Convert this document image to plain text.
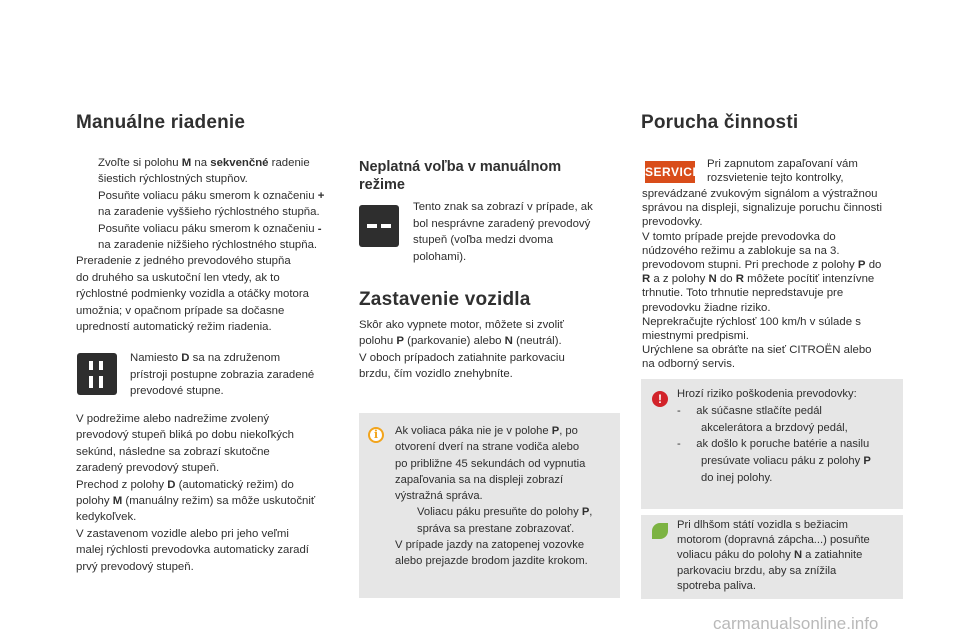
Manuálne riadenie
Zvoľte si polohu M na sekvenčné radenie
šiestich rýchlostných stupňov.
Posuňte voliacu páku smerom k označeniu +
na zaradenie vyššieho rýchlostného stupňa.
Posuňte voliacu páku smerom k označeniu -
na zaradenie nižšieho rýchlostného stupňa.
Preradenie z jedného prevodového stupňa
do druhého sa uskutoční len vtedy, ak to
rýchlostné podmienky vozidla a otáčky motora
umožnia; v opačnom prípade sa dočasne
upredností automatický režim riadenia.
Namiesto D sa na združenom
prístroji postupne zobrazia zaradené
prevodové stupne.
V podrežime alebo nadrežime zvolený
prevodový stupeň bliká po dobu niekoľkých
sekúnd, následne sa zobrazí skutočne
zaradený prevodový stupeň.
Prechod z polohy D (automatický režim) do
polohy M (manuálny režim) sa môže uskutočniť
kedykoľvek.
V zastavenom vozidle alebo pri jeho veľmi
malej rýchlosti prevodovka automaticky zaradí
prvý prevodový stupeň.
Neplatná voľba v manuálnom
režime
Tento znak sa zobrazí v prípade, ak
bol nesprávne zaradený prevodový
stupeň (voľba medzi dvoma
polohami).
Zastavenie vozidla
Skôr ako vypnete motor, môžete si zvoliť
polohu P (parkovanie) alebo N (neutrál).
V oboch prípadoch zatiahnite parkovaciu
brzdu, čím vozidlo znehybníte.
i	Ak voliaca páka nie je v polohe P, po
otvorení dverí na strane vodiča alebo
po približne 45 sekundách od vypnutia
zapaľovania sa na displeji zobrazí
výstražná správa.
Voliacu páku presuňte do polohy P,
správa sa prestane zobrazovať.
V prípade jazdy na zatopenej vozovke
alebo prejazde brodom jazdite krokom.
Porucha činnosti
SERVICE
Pri zapnutom zapaľovaní vám
rozsvietenie tejto kontrolky,
sprevádzané zvukovým signálom a výstražnou
správou na displeji, signalizuje poruchu činnosti
prevodovky.
V tomto prípade prejde prevodovka do
núdzového režimu a zablokuje sa na 3.
prevodovom stupni. Pri prechode z polohy P do
R a z polohy N do R môžete pocítiť intenzívne
trhnutie. Toto trhnutie nepredstavuje pre
prevodovku žiadne riziko.
Neprekračujte rýchlosť 100 km/h v súlade s
miestnymi predpismi.
Urýchlene sa obráťte na sieť CITROËN alebo
na odborný servis.
!	Hrozí riziko poškodenia prevodovky:
- ak súčasne stlačíte pedál
akcelerátora a brzdový pedál,
- ak došlo k poruche batérie a nasilu
presúvate voliacu páku z polohy P
do inej polohy.
Pri dlhšom státí vozidla s bežiacim
motorom (dopravná zápcha...) posuňte
voliacu páku do polohy N a zatiahnite
parkovaciu brzdu, aby sa znížila
spotreba paliva.
carmanualsonline.info
